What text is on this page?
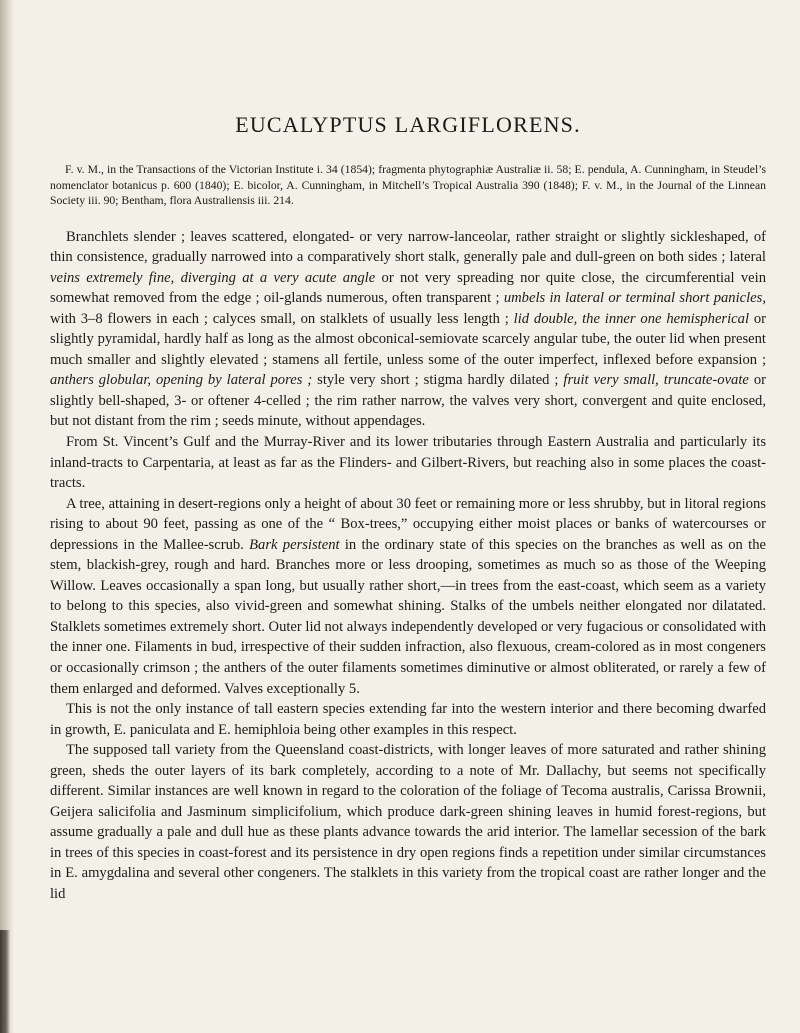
EUCALYPTUS LARGIFLORENS.

F. v. M., in the Transactions of the Victorian Institute i. 34 (1854); fragmenta phytographiæ Australiæ ii. 58; E. pendula, A. Cunningham, in Steudel’s nomenclator botanicus p. 600 (1840); E. bicolor, A. Cunningham, in Mitchell’s Tropical Australia 390 (1848); F. v. M., in the Journal of the Linnean Society iii. 90; Bentham, flora Australiensis iii. 214.

Branchlets slender ; leaves scattered, elongated- or very narrow-lanceolar, rather straight or slightly sickleshaped, of thin consistence, gradually narrowed into a comparatively short stalk, generally pale and dull-green on both sides ; lateral veins extremely fine, diverging at a very acute angle or not very spreading nor quite close, the circumferential vein somewhat removed from the edge ; oil-glands numerous, often transparent ; umbels in lateral or terminal short panicles, with 3–8 flowers in each ; calyces small, on stalklets of usually less length ; lid double, the inner one hemispherical or slightly pyramidal, hardly half as long as the almost obconical-semiovate scarcely angular tube, the outer lid when present much smaller and slightly elevated ; stamens all fertile, unless some of the outer imperfect, inflexed before expansion ; anthers globular, opening by lateral pores ; style very short ; stigma hardly dilated ; fruit very small, truncate-ovate or slightly bell-shaped, 3- or oftener 4-celled ; the rim rather narrow, the valves very short, convergent and quite enclosed, but not distant from the rim ; seeds minute, without appendages.

From St. Vincent’s Gulf and the Murray-River and its lower tributaries through Eastern Australia and particularly its inland-tracts to Carpentaria, at least as far as the Flinders- and Gilbert-Rivers, but reaching also in some places the coast-tracts.

A tree, attaining in desert-regions only a height of about 30 feet or remaining more or less shrubby, but in litoral regions rising to about 90 feet, passing as one of the “ Box-trees,” occupying either moist places or banks of watercourses or depressions in the Mallee-scrub. Bark persistent in the ordinary state of this species on the branches as well as on the stem, blackish-grey, rough and hard. Branches more or less drooping, sometimes as much so as those of the Weeping Willow. Leaves occasionally a span long, but usually rather short,—in trees from the east-coast, which seem as a variety to belong to this species, also vivid-green and somewhat shining. Stalks of the umbels neither elongated nor dilatated. Stalklets sometimes extremely short. Outer lid not always independently developed or very fugacious or consolidated with the inner one. Filaments in bud, irrespective of their sudden infraction, also flexuous, cream-colored as in most congeners or occasionally crimson ; the anthers of the outer filaments sometimes diminutive or almost obliterated, or rarely a few of them enlarged and deformed. Valves exceptionally 5.

This is not the only instance of tall eastern species extending far into the western interior and there becoming dwarfed in growth, E. paniculata and E. hemiphloia being other examples in this respect.

The supposed tall variety from the Queensland coast-districts, with longer leaves of more saturated and rather shining green, sheds the outer layers of its bark completely, according to a note of Mr. Dallachy, but seems not specifically different. Similar instances are well known in regard to the coloration of the foliage of Tecoma australis, Carissa Brownii, Geijera salicifolia and Jasminum simplicifolium, which produce dark-green shining leaves in humid forest-regions, but assume gradually a pale and dull hue as these plants advance towards the arid interior. The lamellar secession of the bark in trees of this species in coast-forest and its persistence in dry open regions finds a repetition under similar circumstances in E. amygdalina and several other congeners. The stalklets in this variety from the tropical coast are rather longer and the lid
